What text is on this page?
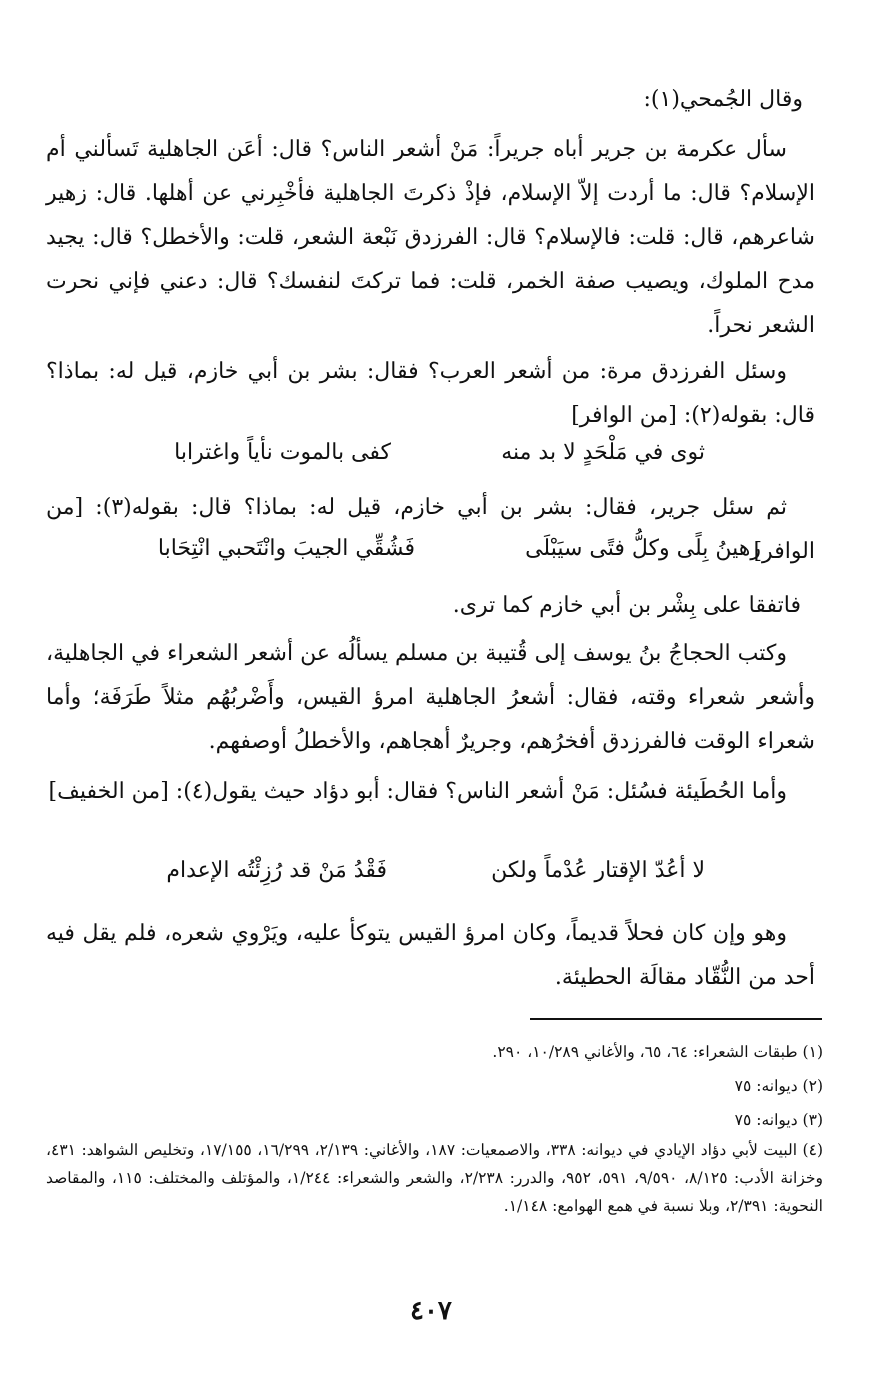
وقال الجُمحي(١):
سأل عكرمة بن جرير أباه جريراً: مَنْ أشعر الناس؟ قال: أعَن الجاهلية تَسألني أم الإسلام؟ قال: ما أردت إلاّ الإسلام، فإذْ ذكرتَ الجاهلية فأخْبِرني عن أهلها. قال: زهير شاعرهم، قال: قلت: فالإسلام؟ قال: الفرزدق نَبْعة الشعر، قلت: والأخطل؟ قال: يجيد مدح الملوك، ويصيب صفة الخمر، قلت: فما تركتَ لنفسك؟ قال: دعني فإني نحرت الشعر نحراً.
وسئل الفرزدق مرة: من أشعر العرب؟ فقال: بشر بن أبي خازم، قيل له: بماذا؟ قال: بقوله(٢): [من الوافر]
ثوى في مَلْحَدٍ لا بد منه
كفى بالموت نأياً واغترابا
ثم سئل جرير، فقال: بشر بن أبي خازم، قيل له: بماذا؟ قال: بقوله(٣): [من الوافر]
رهينُ بِلًى وكلُّ فتًى سيَبْلَى
فَشُقِّي الجيبَ وانْتَحبي انْتِحَابا
فاتفقا على بِشْر بن أبي خازم كما ترى.
وكتب الحجاجُ بنُ يوسف إلى قُتيبة بن مسلم يسألُه عن أشعر الشعراء في الجاهلية، وأشعر شعراء وقته، فقال: أشعرُ الجاهلية امرؤ القيس، وأَضْربُهُم مثلاً طَرَفَة؛ وأما شعراء الوقت فالفرزدق أفخرُهم، وجريرٌ أهجاهم، والأخطلُ أوصفهم.
وأما الحُطَيئة فسُئل: مَنْ أشعر الناس؟ فقال: أبو دؤاد حيث يقول(٤): [من الخفيف]
لا أعُدّ الإقتار عُدْماً ولكن
فَقْدُ مَنْ قد رُزِئْتُه الإعدام
وهو وإن كان فحلاً قديماً، وكان امرؤ القيس يتوكأ عليه، ويَرْوي شعره، فلم يقل فيه أحد من النُّقّاد مقالَة الحطيئة.
(١) طبقات الشعراء: ٦٤، ٦٥، والأغاني ١٠/٢٨٩، ٢٩٠.
(٢) ديوانه: ٧٥
(٣) ديوانه: ٧٥
(٤) البيت لأبي دؤاد الإيادي في ديوانه: ٣٣٨، والاصمعيات: ١٨٧، والأغاني: ٢/١٣٩، ١٦/٢٩٩، ١٧/١٥٥، وتخليص الشواهد: ٤٣١، وخزانة الأدب: ٨/١٢٥، ٩/٥٩٠، ٥٩١، ٩٥٢، والدرر: ٢/٢٣٨، والشعر والشعراء: ١/٢٤٤، والمؤتلف والمختلف: ١١٥، والمقاصد النحوية: ٢/٣٩١، وبلا نسبة في همع الهوامع: ١/١٤٨.
٤٠٧
